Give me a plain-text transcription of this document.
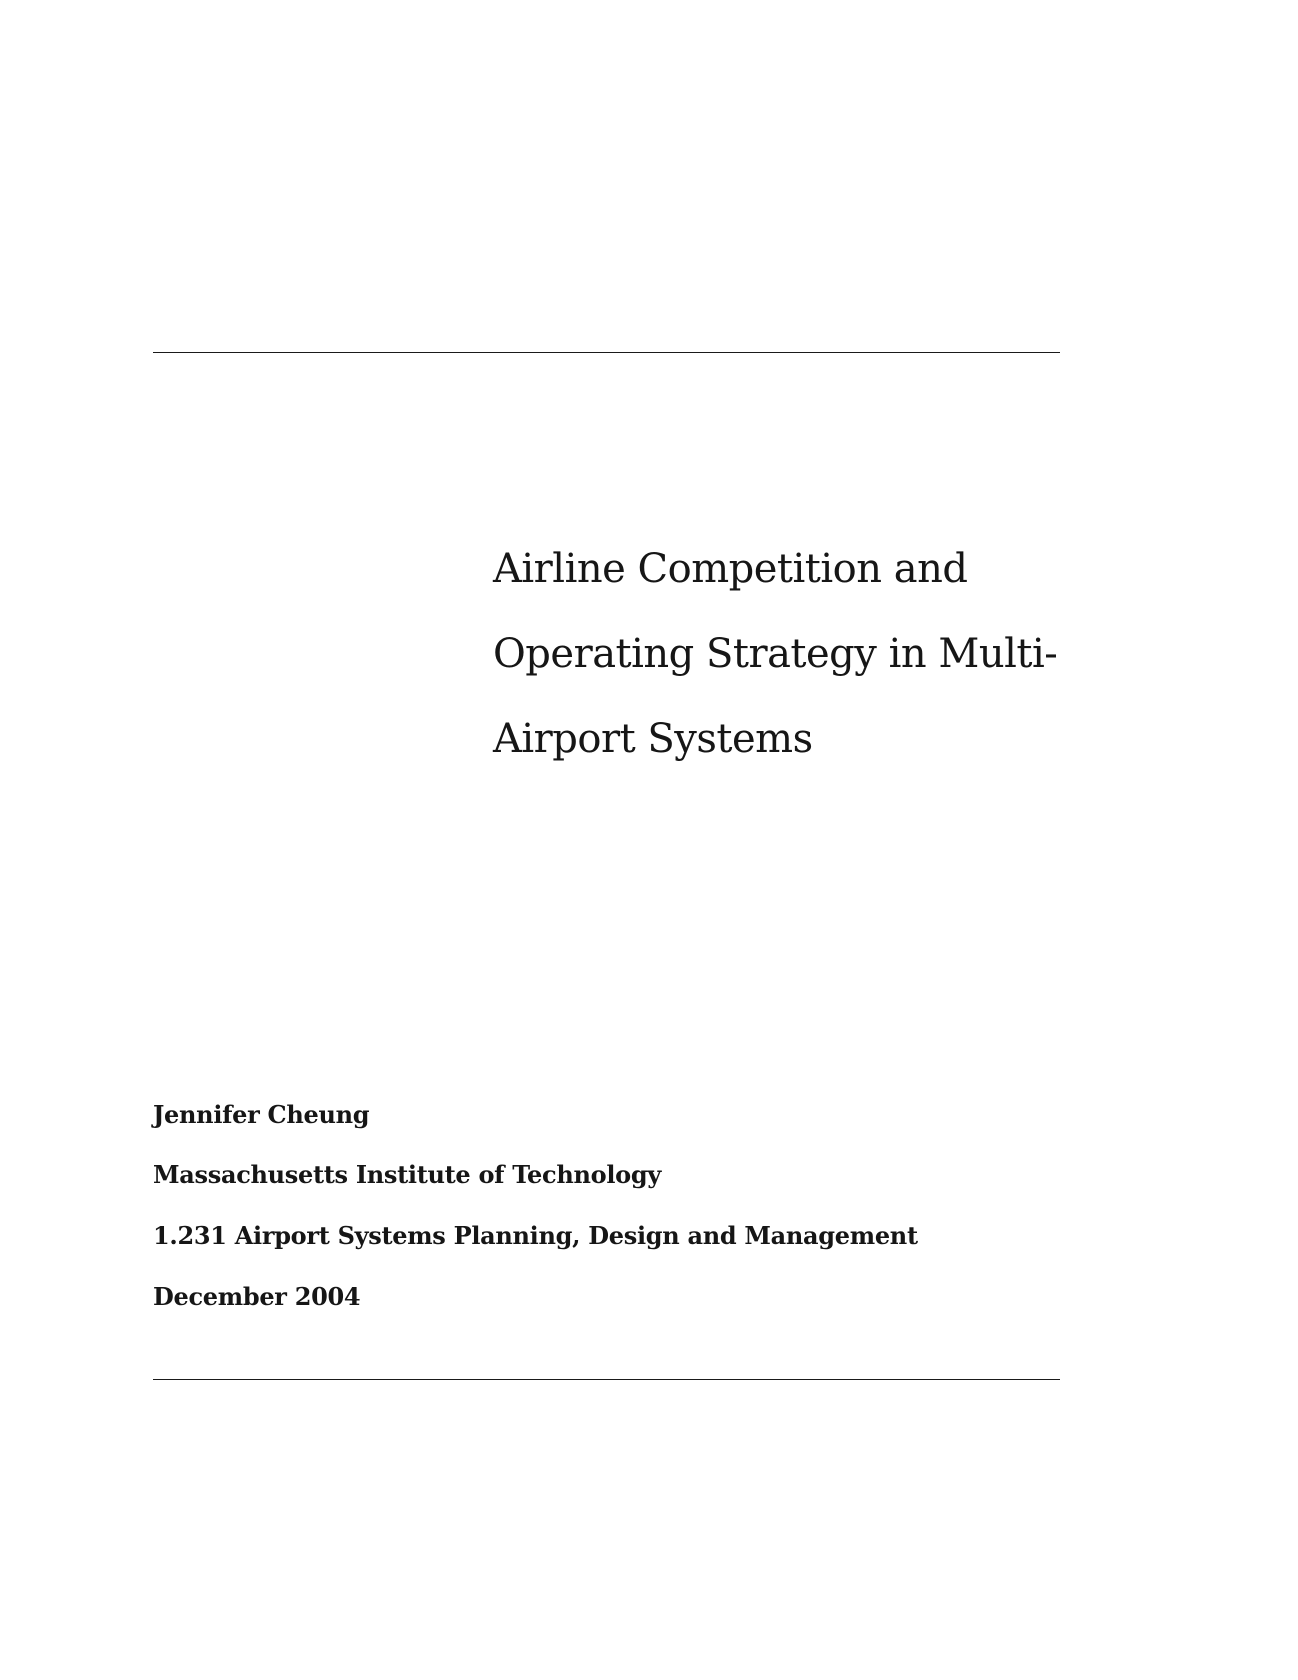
Airline Competition and
Operating Strategy in Multi-
Airport Systems
Jennifer Cheung
Massachusetts Institute of Technology
1.231 Airport Systems Planning, Design and Management
December 2004
